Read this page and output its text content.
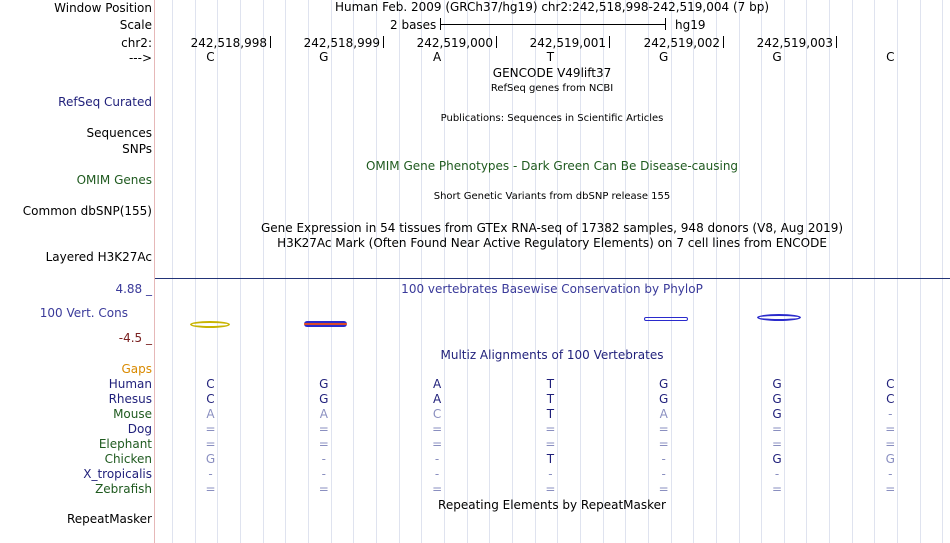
Window Position
Scale
chr2:
--->
Human Feb. 2009 (GRCh37/hg19) chr2:242,518,998-242,519,004 (7 bp)
2 bases	hg19
242,518,998	242,518,999	242,519,000	242,519,001	242,519,002	242,519,003
C	G	A	T	G	G	C
GENCODE V49lift37
RefSeq genes from NCBI
RefSeq Curated
Publications: Sequences in Scientific Articles
Sequences
SNPs
OMIM Gene Phenotypes - Dark Green Can Be Disease-causing
OMIM Genes
Short Genetic Variants from dbSNP release 155
Common dbSNP(155)
Gene Expression in 54 tissues from GTEx RNA-seq of 17382 samples, 948 donors (V8, Aug 2019)
H3K27Ac Mark (Often Found Near Active Regulatory Elements) on 7 cell lines from ENCODE
Layered H3K27Ac
4.88 _	100 vertebrates Basewise Conservation by PhyloP
100 Vert. Cons
-4.5 _
Multiz Alignments of 100 Vertebrates
Gaps
Human	C	G	A	T	G	G	C
Rhesus	C	G	A	T	G	G	C
Mouse	A	A	C	T	A	G	-
Dog	=	=	=	=	=	=	=
Elephant	=	=	=	=	=	=	=
Chicken	G	-	-	T	-	G	G
X_tropicalis	-	-	-	-	-	-	-
Zebrafish	=	=	=	=	=	=	=
Repeating Elements by RepeatMasker
RepeatMasker
